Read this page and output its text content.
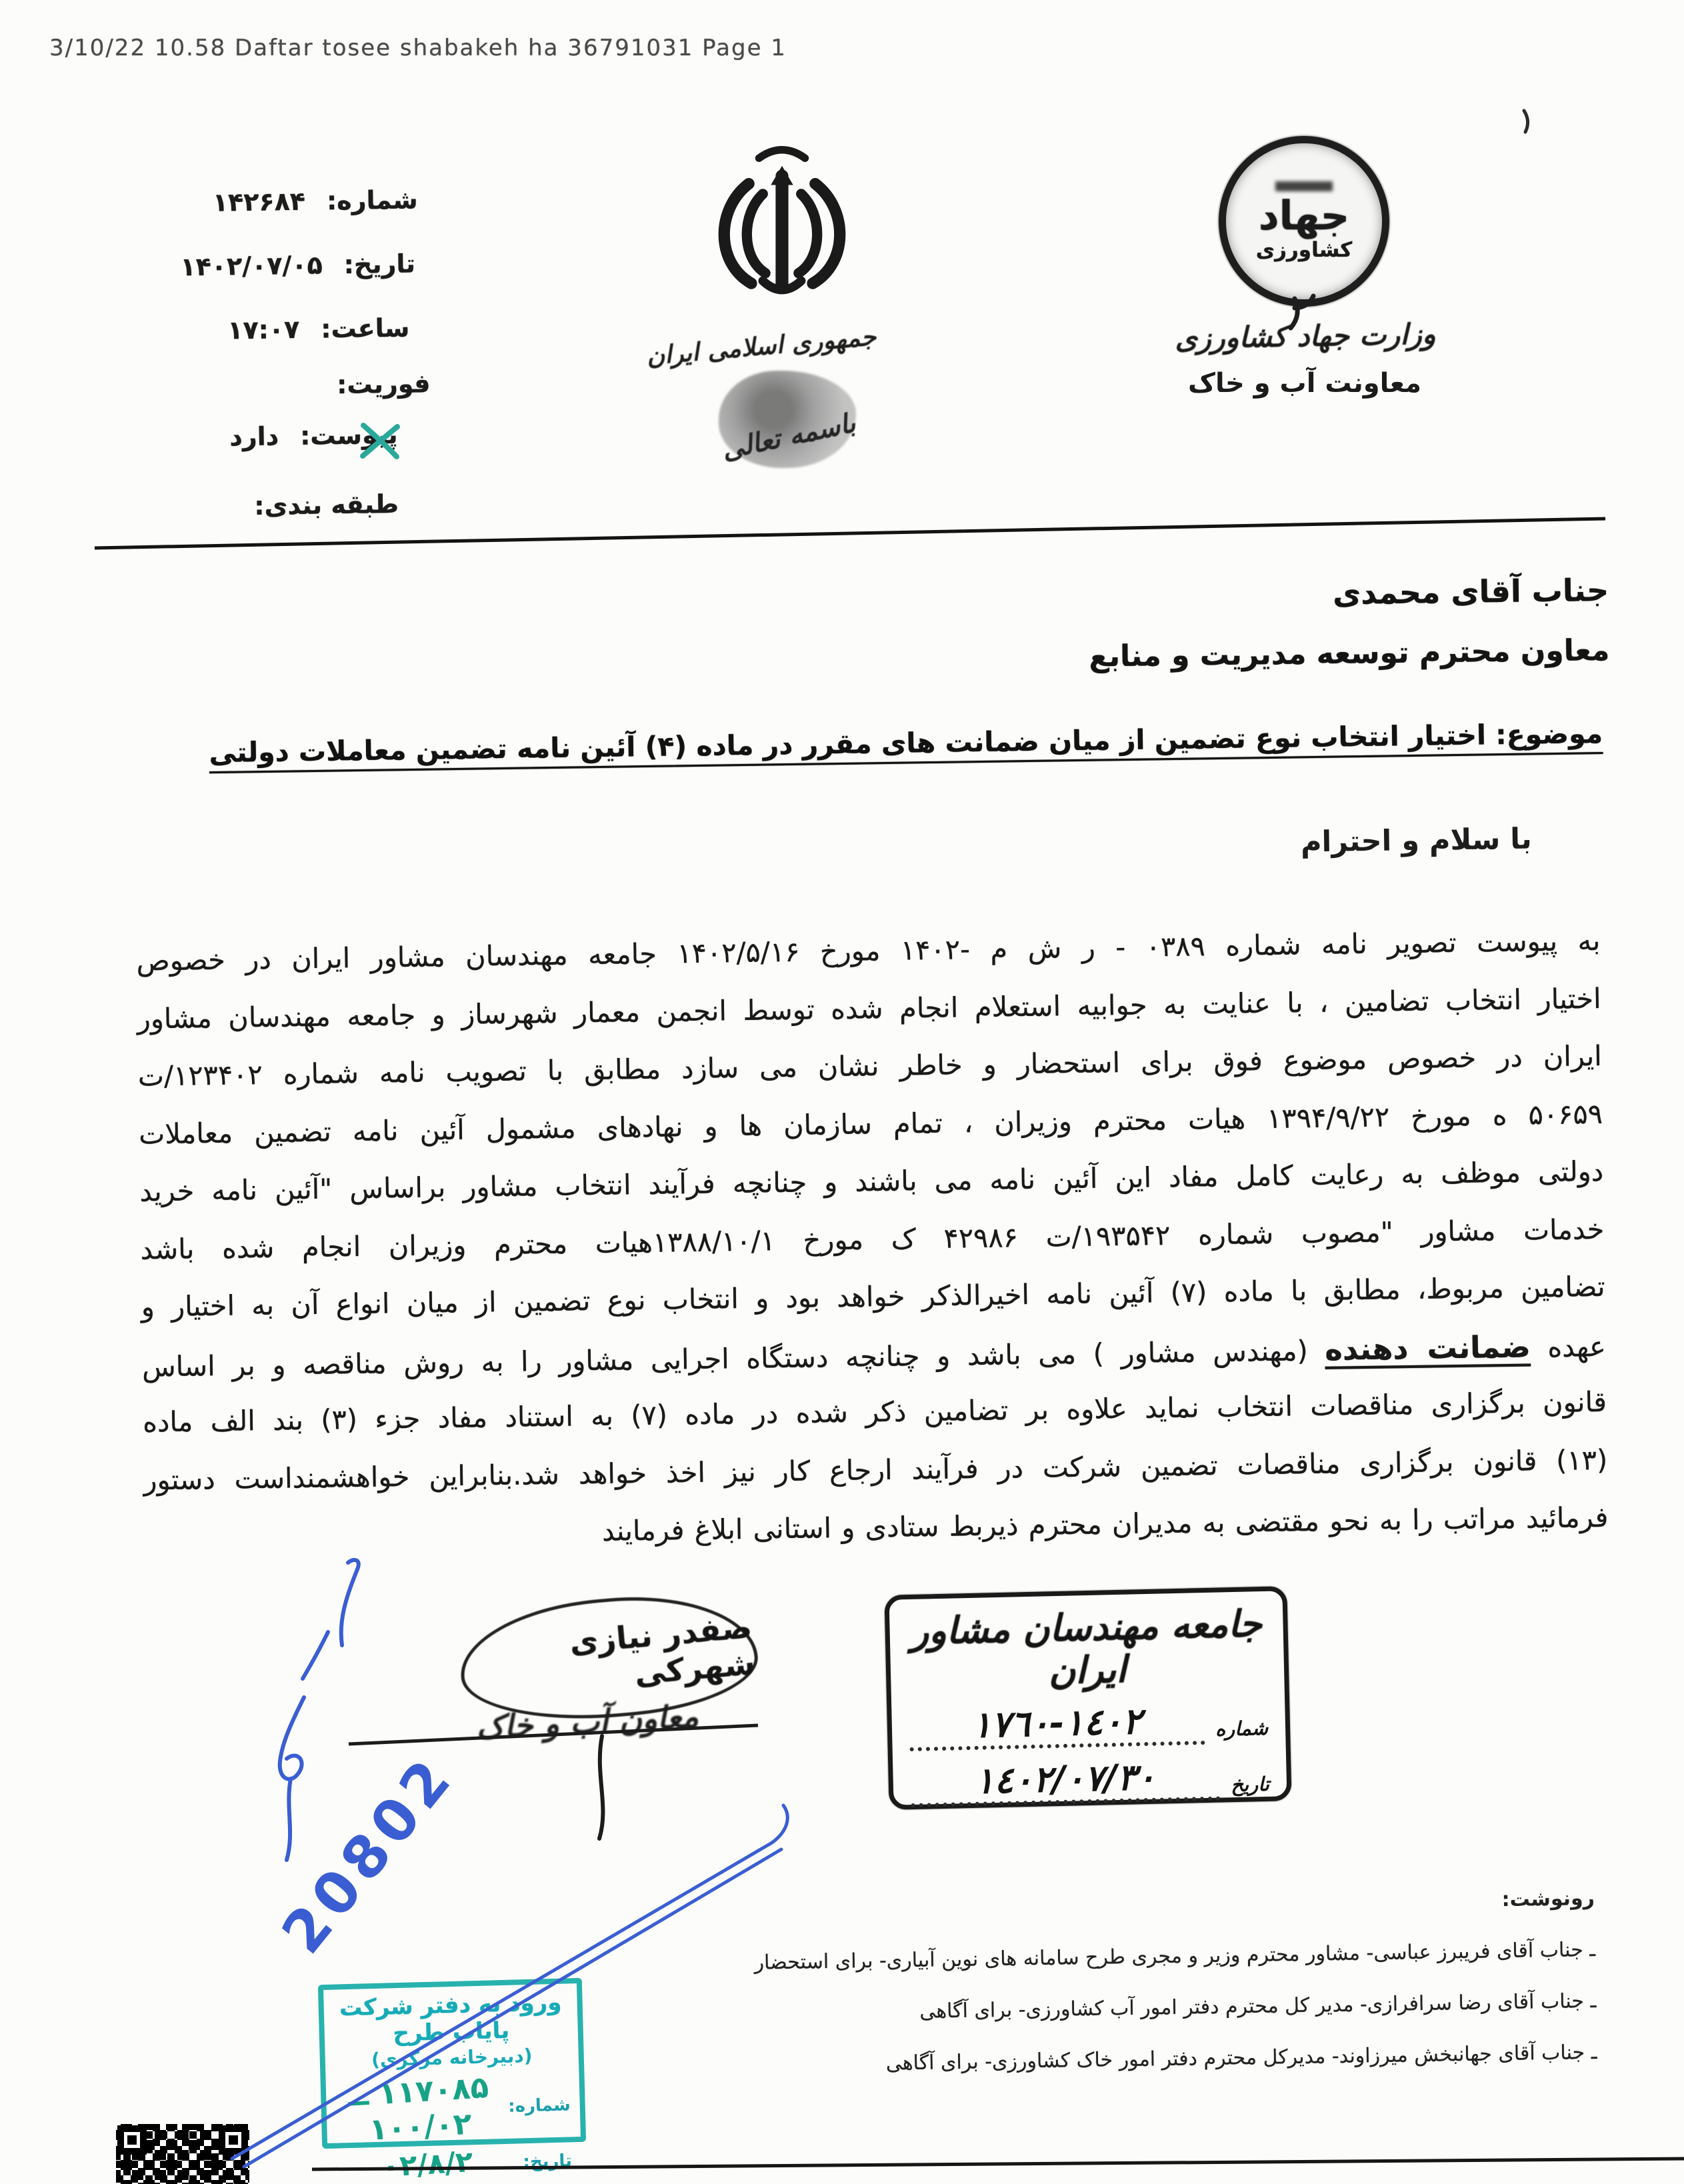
3/10/22 10.58 Daftar tosee shabakeh ha 36791031 Page 1
شماره:
۱۴۲۶۸۴
تاریخ:
۱۴۰۲/۰۷/۰۵
ساعت:
۱۷:۰۷
فوریت:
پیوست:
دارد
طبقه بندی:
جمهوری اسلامی ایران
باسمه تعالی
جهاد
کشاورزی
وزارت جهاد کشاورزی
معاونت آب و خاک
جناب آقای محمدی
معاون محترم توسعه مدیریت و منابع
موضوع: اختیار انتخاب نوع تضمین از میان ضمانت های مقرر در ماده (۴) آئین نامه تضمین معاملات دولتی
با سلام و احترام
به پیوست تصویر نامه شماره ۰۳۸۹ - ر ش م -۱۴۰۲ مورخ ۱۴۰۲/۵/۱۶ جامعه مهندسان مشاور ایران در خصوص
اختیار انتخاب تضامین ، با عنایت به جوابیه استعلام انجام شده توسط انجمن معمار شهرساز و جامعه مهندسان مشاور
ایران در خصوص موضوع فوق برای استحضار و خاطر نشان می سازد مطابق با تصویب نامه شماره ۱۲۳۴۰۲/ت
۵۰۶۵۹ ه مورخ ۱۳۹۴/۹/۲۲ هیات محترم وزیران ، تمام سازمان ها و نهادهای مشمول آئین نامه تضمین معاملات
دولتی موظف به رعایت کامل مفاد این آئین نامه می باشند و چنانچه فرآیند انتخاب مشاور براساس "آئین نامه خرید
خدمات مشاور "مصوب شماره ۱۹۳۵۴۲/ت ۴۲۹۸۶ ک مورخ ۱۳۸۸/۱۰/۱هیات محترم وزیران انجام شده باشد
تضامین مربوط، مطابق با ماده (۷) آئین نامه اخیرالذکر خواهد بود و انتخاب نوع تضمین از میان انواع آن به اختیار و
عهده ضمانت دهنده (مهندس مشاور ) می باشد و چنانچه دستگاه اجرایی مشاور را به روش مناقصه و بر اساس
قانون برگزاری مناقصات انتخاب نماید علاوه بر تضامین ذکر شده در ماده (۷) به استناد مفاد جزء (۳) بند الف ماده
(۱۳) قانون برگزاری مناقصات تضمین شرکت در فرآیند ارجاع کار نیز اخذ خواهد شد.بنابراین خواهشمنداست دستور
فرمائید مراتب را به نحو مقتضی به مدیران محترم ذیربط ستادی و استانی ابلاغ فرمایند
صفدر نیازی شهرکی
معاون آب و خاک
20802
جامعه مهندسان مشاور ایران
شماره
١٤٠٢-١٧٦٠
تاریخ
١٤٠٢/٠٧/٣٠
رونوشت:
ـ جناب آقای فریبرز عباسی- مشاور محترم وزیر و مجری طرح سامانه های نوین آبیاری- برای استحضار
ـ جناب آقای رضا سرافرازی- مدیر کل محترم دفتر امور آب کشاورزی- برای آگاهی
ـ جناب آقای جهانبخش میرزاوند- مدیرکل محترم دفتر امور خاک کشاورزی- برای آگاهی
ورود به دفتر شرکت پایاب طرح
(دبیرخانه مرکزی)
شماره:
۱۱۷۰۸۵ ــ ۱۰۰/۰۲
تاریخ:
۰۲/۸/۲
